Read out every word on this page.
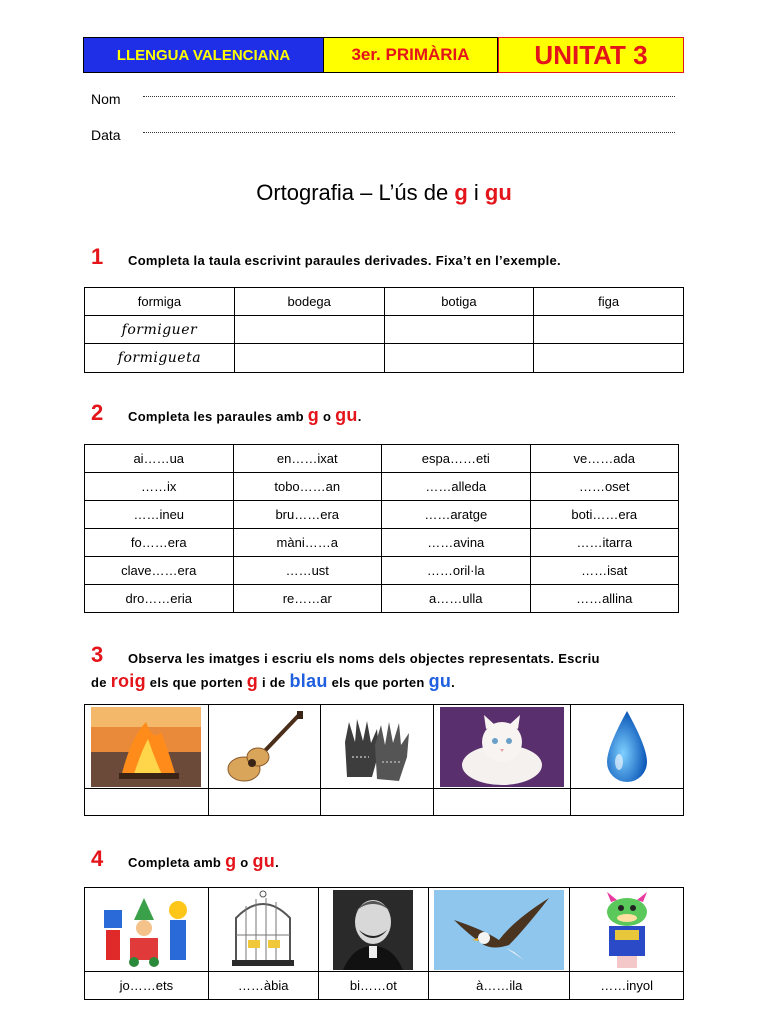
LLENGUA VALENCIANA	3er. PRIMÀRIA	UNITAT 3
Nom
Data
Ortografia – L’ús de g i gu
1 Completa la taula escrivint paraules derivades. Fixa’t en l’exemple.
formiga	bodega	botiga	figa
formiguer			
formigueta			
2 Completa les paraules amb g o gu.
ai……ua	en……ixat	espa……eti	ve……ada
……ix	tobo……an	……alleda	……oset
……ineu	bru……era	……aratge	boti……era
fo……era	màni……a	……avina	……itarra
clave……era	……ust	……oril·la	……isat
dro……eria	re……ar	a……ulla	……allina
3 Observa les imatges i escriu els noms dels objectes representats. Escriu
de roig els que porten g i de blau els que porten gu.

4 Completa amb g o gu.

jo……ets	……àbia	bi……ot	à……ila	……inyol
